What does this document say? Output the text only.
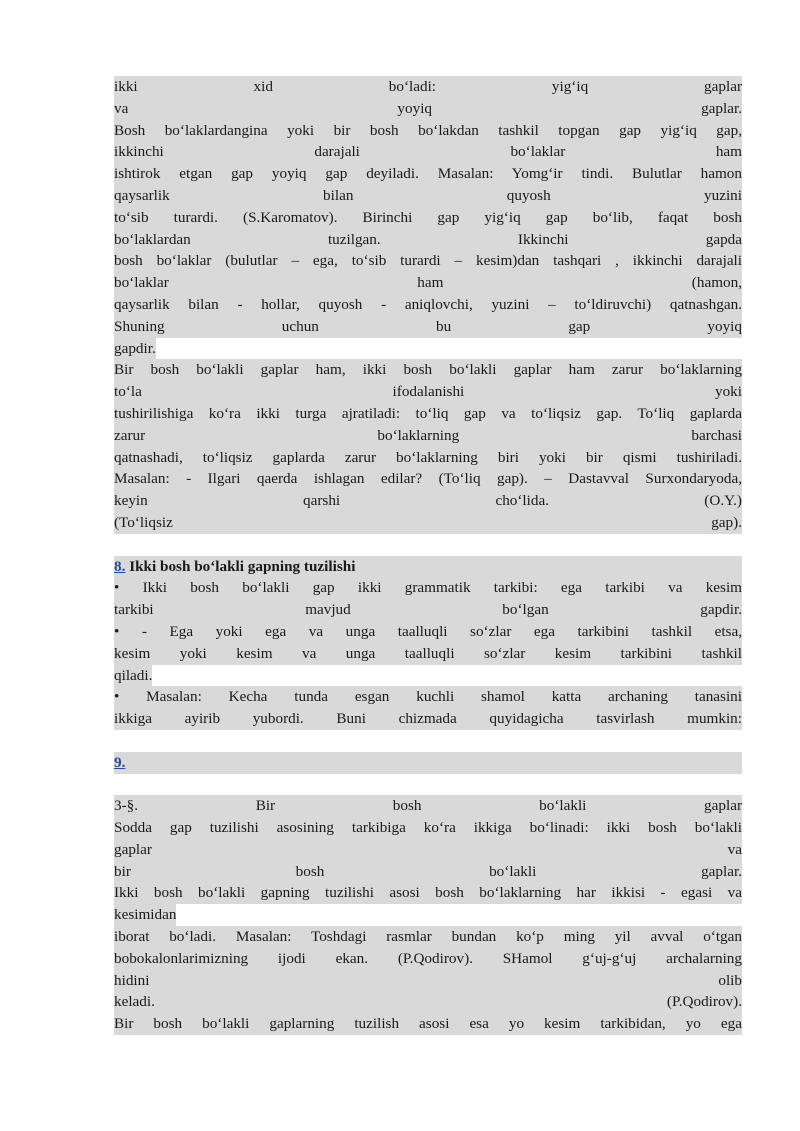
ikki xid bo‘ladi: yig‘iq gaplar
va yoyiq gaplar.
Bosh bo‘laklardangina yoki bir bosh bo‘lakdan tashkil topgan gap yig‘iq gap,
ikkinchi darajali bo‘laklar ham
ishtirok etgan gap yoyiq gap deyiladi. Masalan: Yomg‘ir tindi. Bulutlar hamon
qaysarlik bilan quyosh yuzini
to‘sib turardi. (S.Karomatov). Birinchi gap yig‘iq gap bo‘lib, faqat bosh
bo‘laklardan tuzilgan. Ikkinchi gapda
bosh bo‘laklar (bulutlar – ega, to‘sib turardi – kesim)dan tashqari , ikkinchi darajali
bo‘laklar ham (hamon,
qaysarlik bilan - hollar, quyosh - aniqlovchi, yuzini – to‘ldiruvchi) qatnashgan.
Shuning uchun bu gap yoyiq
gapdir.
Bir bosh bo‘lakli gaplar ham, ikki bosh bo‘lakli gaplar ham zarur bo‘laklarning
to‘la ifodalanishi yoki
tushirilishiga ko‘ra ikki turga ajratiladi: to‘liq gap va to‘liqsiz gap. To‘liq gaplarda
zarur bo‘laklarning barchasi
qatnashadi, to‘liqsiz gaplarda zarur bo‘laklarning biri yoki bir qismi tushiriladi.
Masalan: - Ilgari qaerda ishlagan edilar? (To‘liq gap). – Dastavval Surxondaryoda,
keyin qarshi cho‘lida. (O.Y.)
(To‘liqsiz gap).
8. Ikki bosh bo‘lakli gapning tuzilishi
• Ikki bosh bo‘lakli gap ikki grammatik tarkibi: ega tarkibi va kesim
tarkibi mavjud bo‘lgan gapdir.
• - Ega yoki ega va unga taalluqli so‘zlar ega tarkibini tashkil etsa,
kesim yoki kesim va unga taalluqli so‘zlar kesim tarkibini tashkil
qiladi.
• Masalan: Kecha tunda esgan kuchli shamol katta archaning tanasini
ikkiga ayirib yubordi. Buni chizmada quyidagicha tasvirlash mumkin:
9.
3-§. Bir bosh bo‘lakli gaplar
Sodda gap tuzilishi asosining tarkibiga ko‘ra ikkiga bo‘linadi: ikki bosh bo‘lakli
gaplar va
bir bosh bo‘lakli gaplar.
Ikki bosh bo‘lakli gapning tuzilishi asosi bosh bo‘laklarning har ikkisi - egasi va
kesimidan
iborat bo‘ladi. Masalan: Toshdagi rasmlar bundan ko‘p ming yil avval o‘tgan
bobokalonlarimizning ijodi ekan. (P.Qodirov). SHamol g‘uj-g‘uj archalarning
hidini olib
keladi. (P.Qodirov).
Bir bosh bo‘lakli gaplarning tuzilish asosi esa yo kesim tarkibidan, yo ega
